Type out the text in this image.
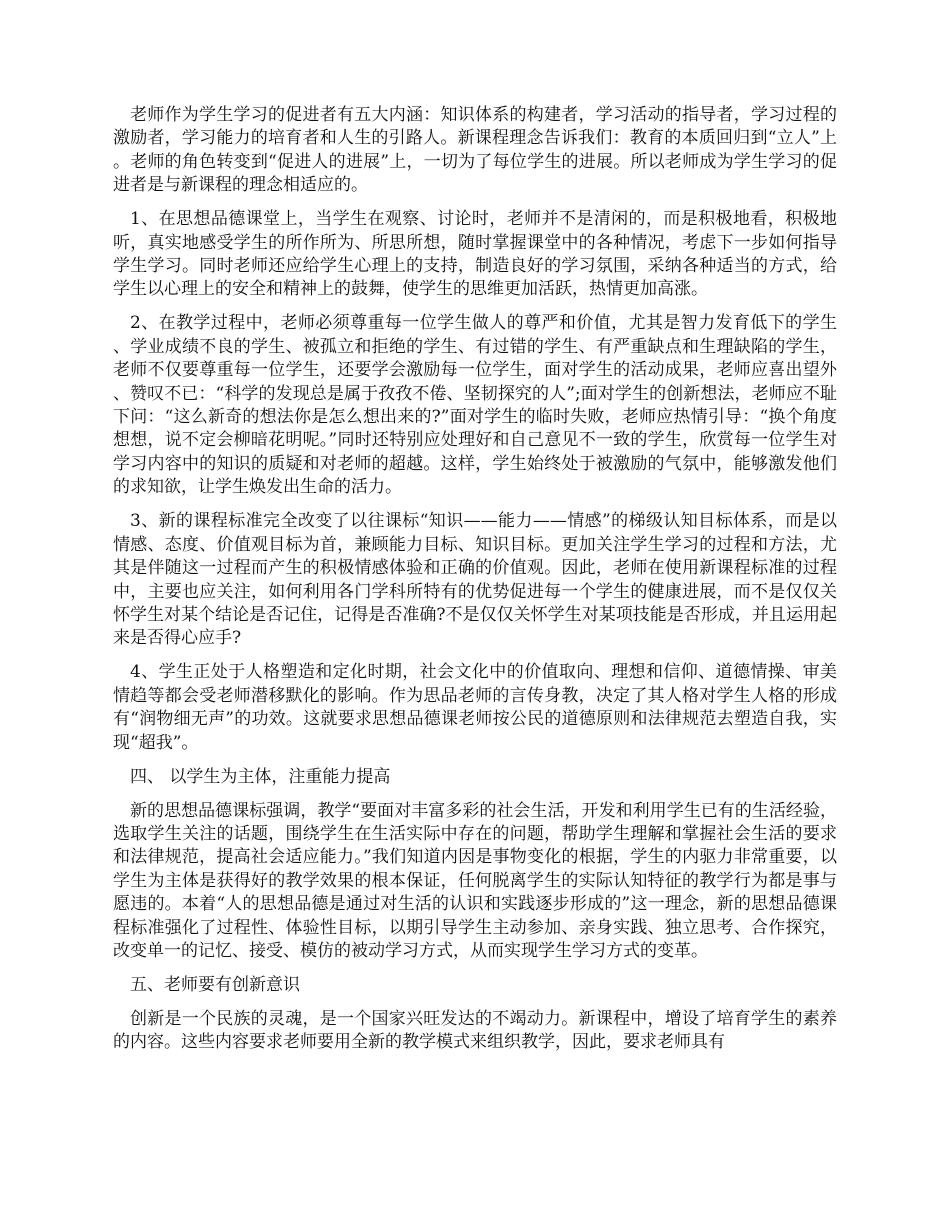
老师作为学生学习的促进者有五大内涵：知识体系的构建者，学习活动的指导者，学习过程的激励者，学习能力的培育者和人生的引路人。新课程理念告诉我们：教育的本质回归到“立人”上。老师的角色转变到“促进人的进展”上，一切为了每位学生的进展。所以老师成为学生学习的促进者是与新课程的理念相适应的。

1、在思想品德课堂上，当学生在观察、讨论时，老师并不是清闲的，而是积极地看，积极地听，真实地感受学生的所作所为、所思所想，随时掌握课堂中的各种情况，考虑下一步如何指导学生学习。同时老师还应给学生心理上的支持，制造良好的学习氛围，采纳各种适当的方式，给学生以心理上的安全和精神上的鼓舞，使学生的思维更加活跃，热情更加高涨。

2、在教学过程中，老师必须尊重每一位学生做人的尊严和价值，尤其是智力发育低下的学生、学业成绩不良的学生、被孤立和拒绝的学生、有过错的学生、有严重缺点和生理缺陷的学生，老师不仅要尊重每一位学生，还要学会激励每一位学生，面对学生的活动成果，老师应喜出望外、赞叹不已：“科学的发现总是属于孜孜不倦、坚韧探究的人”;面对学生的创新想法，老师应不耻下问：“这么新奇的想法你是怎么想出来的?”面对学生的临时失败，老师应热情引导：“换个角度想想，说不定会柳暗花明呢。”同时还特别应处理好和自己意见不一致的学生，欣赏每一位学生对学习内容中的知识的质疑和对老师的超越。这样，学生始终处于被激励的气氛中，能够激发他们的求知欲，让学生焕发出生命的活力。

3、新的课程标准完全改变了以往课标“知识——能力——情感”的梯级认知目标体系，而是以情感、态度、价值观目标为首，兼顾能力目标、知识目标。更加关注学生学习的过程和方法，尤其是伴随这一过程而产生的积极情感体验和正确的价值观。因此，老师在使用新课程标准的过程中，主要也应关注，如何利用各门学科所特有的优势促进每一个学生的健康进展，而不是仅仅关怀学生对某个结论是否记住，记得是否准确?不是仅仅关怀学生对某项技能是否形成，并且运用起来是否得心应手?

4、学生正处于人格塑造和定化时期，社会文化中的价值取向、理想和信仰、道德情操、审美情趋等都会受老师潜移默化的影响。作为思品老师的言传身教，决定了其人格对学生人格的形成有“润物细无声”的功效。这就要求思想品德课老师按公民的道德原则和法律规范去塑造自我，实现“超我”。

四、 以学生为主体，注重能力提高

新的思想品德课标强调，教学“要面对丰富多彩的社会生活，开发和利用学生已有的生活经验，选取学生关注的话题，围绕学生在生活实际中存在的问题，帮助学生理解和掌握社会生活的要求和法律规范，提高社会适应能力。”我们知道内因是事物变化的根据，学生的内驱力非常重要，以学生为主体是获得好的教学效果的根本保证，任何脱离学生的实际认知特征的教学行为都是事与愿违的。本着“人的思想品德是通过对生活的认识和实践逐步形成的”这一理念，新的思想品德课程标准强化了过程性、体验性目标，以期引导学生主动参加、亲身实践、独立思考、合作探究，改变单一的记忆、接受、模仿的被动学习方式，从而实现学生学习方式的变革。

五、老师要有创新意识

创新是一个民族的灵魂，是一个国家兴旺发达的不竭动力。新课程中，增设了培育学生的素养的内容。这些内容要求老师要用全新的教学模式来组织教学，因此，要求老师具有
